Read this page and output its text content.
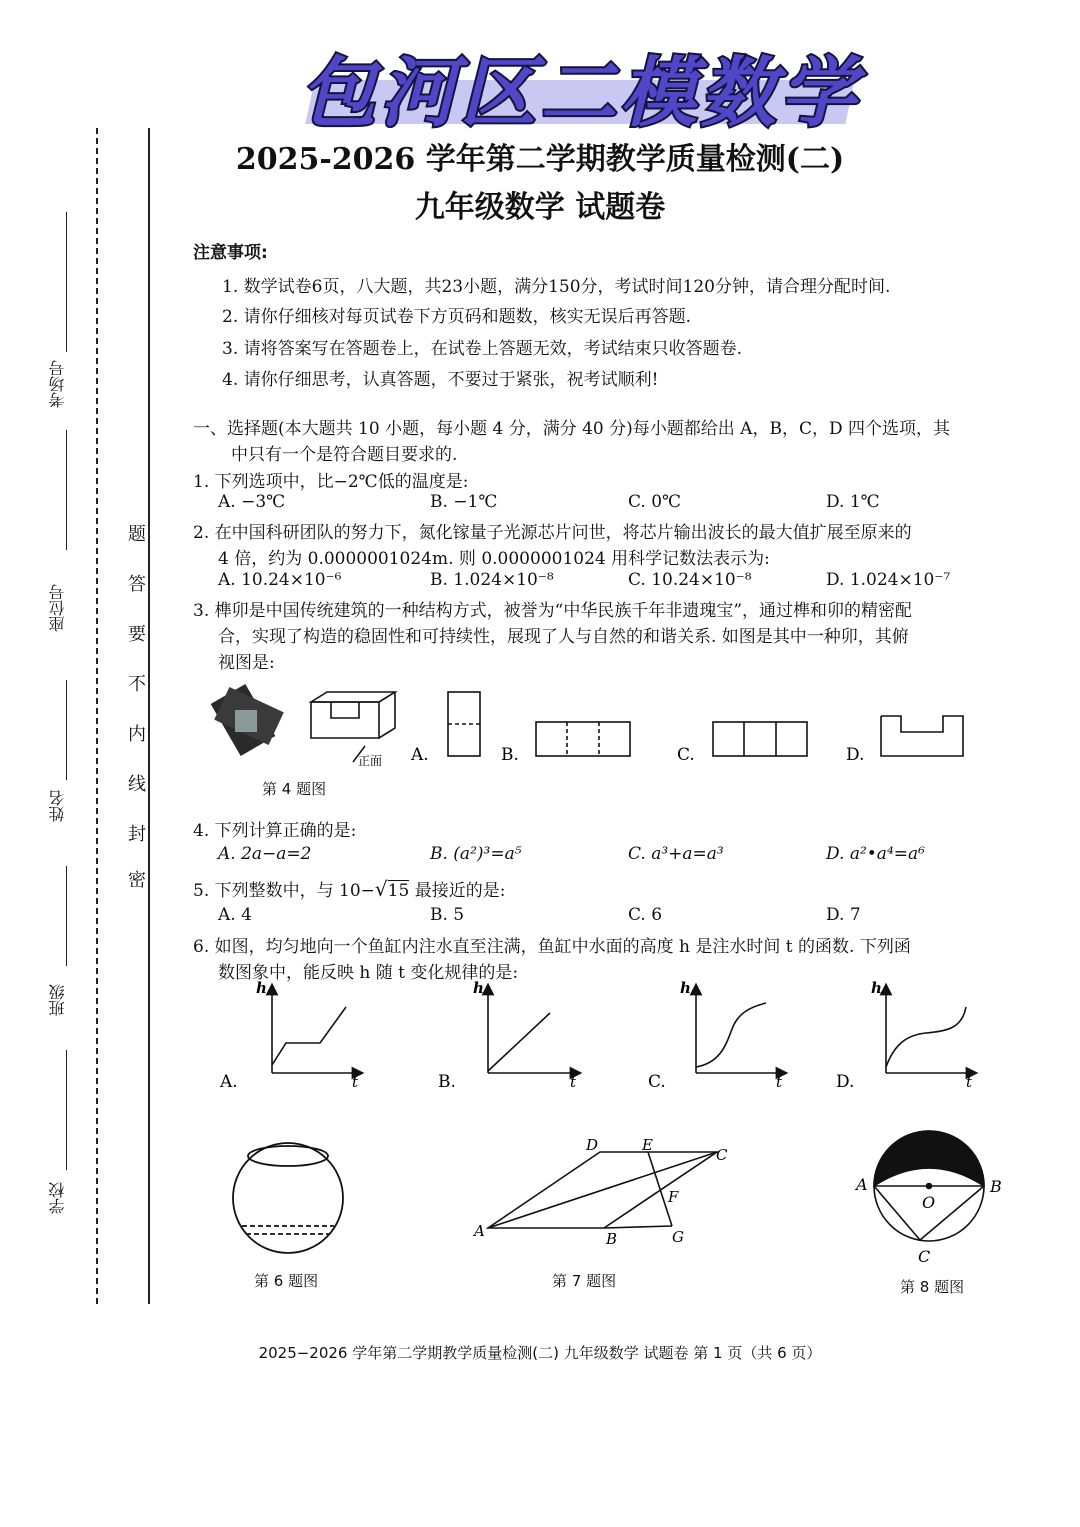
包河区二模数学
2025-2026 学年第二学期教学质量检测(二)
九年级数学 试题卷
考场号
座位号
姓名
班级
学校
题
答
要
不
内
线
封
密
注意事项:
1. 数学试卷6页，八大题，共23小题，满分150分，考试时间120分钟，请合理分配时间.
2. 请你仔细核对每页试卷下方页码和题数，核实无误后再答题.
3. 请将答案写在答题卷上，在试卷上答题无效，考试结束只收答题卷.
4. 请你仔细思考，认真答题，不要过于紧张，祝考试顺利!
一、选择题(本大题共 10 小题，每小题 4 分，满分 40 分)每小题都给出 A，B，C，D 四个选项，其
中只有一个是符合题目要求的.
1. 下列选项中，比−2℃低的温度是:
A. −3℃	B. −1℃	C. 0℃	D. 1℃
2. 在中国科研团队的努力下，氮化镓量子光源芯片问世，将芯片输出波长的最大值扩展至原来的
4 倍，约为 0.0000001024m. 则 0.0000001024 用科学记数法表示为:
A. 10.24×10⁻⁶	B. 1.024×10⁻⁸	C. 10.24×10⁻⁸	D. 1.024×10⁻⁷
3. 榫卯是中国传统建筑的一种结构方式，被誉为“中华民族千年非遗瑰宝”，通过榫和卯的精密配
合，实现了构造的稳固性和可持续性，展现了人与自然的和谐关系. 如图是其中一种卯，其俯
视图是:
正面 A.	B.	C.	D.
第 4 题图
4. 下列计算正确的是:
A. 2a−a=2	B. (a²)³=a⁵	C. a³+a=a³	D. a²•a⁴=a⁶
5. 下列整数中，与 10−√15 最接近的是:
A. 4	B. 5	C. 6	D. 7
6. 如图，均匀地向一个鱼缸内注水直至注满，鱼缸中水面的高度 h 是注水时间 t 的函数. 下列函
数图象中，能反映 h 随 t 变化规律的是:
A.
h
t	B.
h
t	C.
h
t	D.
h
t
D	E
C
F
A	B	G
A
O
B
C
第 6 题图	第 7 题图	第 8 题图
2025−2026 学年第二学期教学质量检测(二) 九年级数学 试题卷 第 1 页（共 6 页）
